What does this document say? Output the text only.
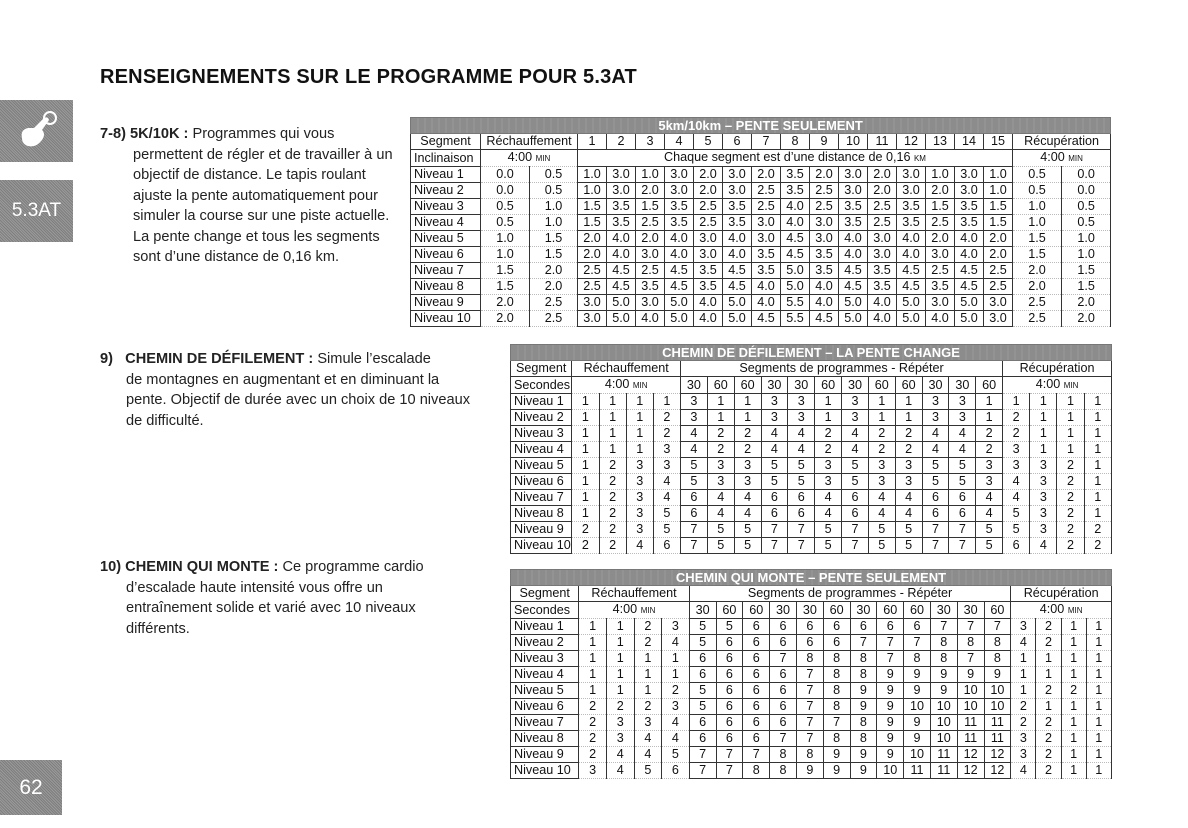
RENSEIGNEMENTS SUR LE PROGRAMME POUR 5.3AT
5.3AT
62
7-8) 5K/10K : Programmes qui vous
permettent de régler et de travailler à un objectif de distance. Le tapis roulant ajuste la pente automatiquement pour simuler la course sur une piste actuelle. La pente change et tous les segments sont d’une distance de 0,16 km.
9) CHEMIN DE DÉFILEMENT : Simule l’escalade
de montagnes en augmentant et en diminuant la pente. Objectif de durée avec un choix de 10 niveaux de difficulté.
10) CHEMIN QUI MONTE : Ce programme cardio
d’escalade haute intensité vous offre un entraînement solide et varié avec 10 niveaux différents.
5km/10km – PENTE SEULEMENT																			
Segment	Réchauffement		1	2	3	4	5	6	7	8	9	10	11	12	13	14	15	Récupération	
Inclinaison	4:00 MIN		Chaque segment est d’une distance de 0,16 KM															4:00 MIN	
Niveau 1	0.0	0.5	1.0	3.0	1.0	3.0	2.0	3.0	2.0	3.5	2.0	3.0	2.0	3.0	1.0	3.0	1.0	0.5	0.0
Niveau 2	0.0	0.5	1.0	3.0	2.0	3.0	2.0	3.0	2.5	3.5	2.5	3.0	2.0	3.0	2.0	3.0	1.0	0.5	0.0
Niveau 3	0.5	1.0	1.5	3.5	1.5	3.5	2.5	3.5	2.5	4.0	2.5	3.5	2.5	3.5	1.5	3.5	1.5	1.0	0.5
Niveau 4	0.5	1.0	1.5	3.5	2.5	3.5	2.5	3.5	3.0	4.0	3.0	3.5	2.5	3.5	2.5	3.5	1.5	1.0	0.5
Niveau 5	1.0	1.5	2.0	4.0	2.0	4.0	3.0	4.0	3.0	4.5	3.0	4.0	3.0	4.0	2.0	4.0	2.0	1.5	1.0
Niveau 6	1.0	1.5	2.0	4.0	3.0	4.0	3.0	4.0	3.5	4.5	3.5	4.0	3.0	4.0	3.0	4.0	2.0	1.5	1.0
Niveau 7	1.5	2.0	2.5	4.5	2.5	4.5	3.5	4.5	3.5	5.0	3.5	4.5	3.5	4.5	2.5	4.5	2.5	2.0	1.5
Niveau 8	1.5	2.0	2.5	4.5	3.5	4.5	3.5	4.5	4.0	5.0	4.0	4.5	3.5	4.5	3.5	4.5	2.5	2.0	1.5
Niveau 9	2.0	2.5	3.0	5.0	3.0	5.0	4.0	5.0	4.0	5.5	4.0	5.0	4.0	5.0	3.0	5.0	3.0	2.5	2.0
Niveau 10	2.0	2.5	3.0	5.0	4.0	5.0	4.0	5.0	4.5	5.5	4.5	5.0	4.0	5.0	4.0	5.0	3.0	2.5	2.0
CHEMIN DE DÉFILEMENT – LA PENTE CHANGE																				
Segment	Réchauffement				Segments de programmes - Répéter												Récupération			
Secondes	4:00 MIN				30	60	60	30	30	60	30	60	60	30	30	60	4:00 MIN			
Niveau 1	1	1	1	1	3	1	1	3	3	1	3	1	1	3	3	1	1	1	1	1
Niveau 2	1	1	1	2	3	1	1	3	3	1	3	1	1	3	3	1	2	1	1	1
Niveau 3	1	1	1	2	4	2	2	4	4	2	4	2	2	4	4	2	2	1	1	1
Niveau 4	1	1	1	3	4	2	2	4	4	2	4	2	2	4	4	2	3	1	1	1
Niveau 5	1	2	3	3	5	3	3	5	5	3	5	3	3	5	5	3	3	3	2	1
Niveau 6	1	2	3	4	5	3	3	5	5	3	5	3	3	5	5	3	4	3	2	1
Niveau 7	1	2	3	4	6	4	4	6	6	4	6	4	4	6	6	4	4	3	2	1
Niveau 8	1	2	3	5	6	4	4	6	6	4	6	4	4	6	6	4	5	3	2	1
Niveau 9	2	2	3	5	7	5	5	7	7	5	7	5	5	7	7	5	5	3	2	2
Niveau 10	2	2	4	6	7	5	5	7	7	5	7	5	5	7	7	5	6	4	2	2
CHEMIN QUI MONTE – PENTE SEULEMENT																				
Segment	Réchauffement				Segments de programmes - Répéter												Récupération			
Secondes	4:00 MIN				30	60	60	30	30	60	30	60	60	30	30	60	4:00 MIN			
Niveau 1	1	1	2	3	5	5	6	6	6	6	6	6	6	7	7	7	3	2	1	1
Niveau 2	1	1	2	4	5	6	6	6	6	6	7	7	7	8	8	8	4	2	1	1
Niveau 3	1	1	1	1	6	6	6	7	8	8	8	7	8	8	7	8	1	1	1	1
Niveau 4	1	1	1	1	6	6	6	6	7	8	8	9	9	9	9	9	1	1	1	1
Niveau 5	1	1	1	2	5	6	6	6	7	8	9	9	9	9	10	10	1	2	2	1
Niveau 6	2	2	2	3	5	6	6	6	7	8	9	9	10	10	10	10	2	1	1	1
Niveau 7	2	3	3	4	6	6	6	6	7	7	8	9	9	10	11	11	2	2	1	1
Niveau 8	2	3	4	4	6	6	6	7	7	8	8	9	9	10	11	11	3	2	1	1
Niveau 9	2	4	4	5	7	7	7	8	8	9	9	9	10	11	12	12	3	2	1	1
Niveau 10	3	4	5	6	7	7	8	8	9	9	9	10	11	11	12	12	4	2	1	1
